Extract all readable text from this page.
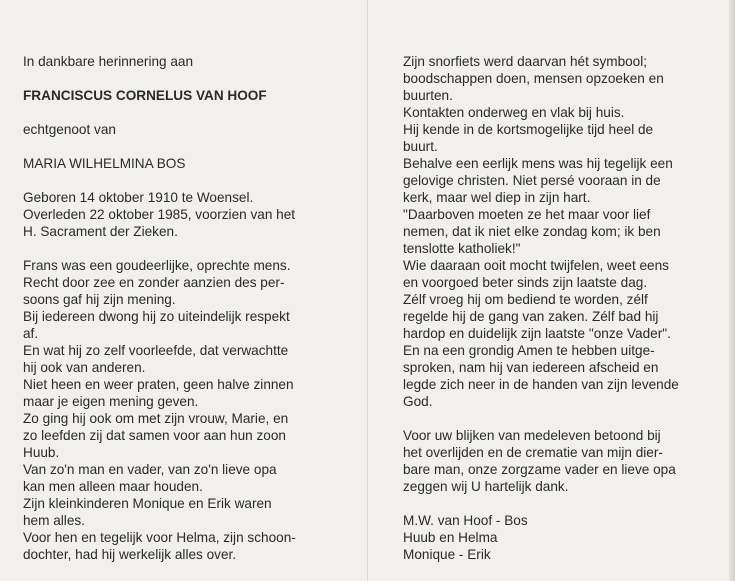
In dankbare herinnering aan
FRANCISCUS CORNELUS VAN HOOF
echtgenoot van
MARIA WILHELMINA BOS
Geboren 14 oktober 1910 te Woensel.
Overleden 22 oktober 1985, voorzien van het
H. Sacrament der Zieken.
Frans was een goudeerlijke, oprechte mens.
Recht door zee en zonder aanzien des per-
soons gaf hij zijn mening.
Bij iedereen dwong hij zo uiteindelijk respekt
af.
En wat hij zo zelf voorleefde, dat verwachtte
hij ook van anderen.
Niet heen en weer praten, geen halve zinnen
maar je eigen mening geven.
Zo ging hij ook om met zijn vrouw, Marie, en
zo leefden zij dat samen voor aan hun zoon
Huub.
Van zo'n man en vader, van zo'n lieve opa
kan men alleen maar houden.
Zijn kleinkinderen Monique en Erik waren
hem alles.
Voor hen en tegelijk voor Helma, zijn schoon-
dochter, had hij werkelijk alles over.
Zijn snorfiets werd daarvan hét symbool;
boodschappen doen, mensen opzoeken en
buurten.
Kontakten onderweg en vlak bij huis.
Hij kende in de kortsmogelijke tijd heel de
buurt.
Behalve een eerlijk mens was hij tegelijk een
gelovige christen. Niet persé vooraan in de
kerk, maar wel diep in zijn hart.
"Daarboven moeten ze het maar voor lief
nemen, dat ik niet elke zondag kom; ik ben
tenslotte katholiek!"
Wie daaraan ooit mocht twijfelen, weet eens
en voorgoed beter sinds zijn laatste dag.
Zélf vroeg hij om bediend te worden, zélf
regelde hij de gang van zaken. Zélf bad hij
hardop en duidelijk zijn laatste "onze Vader".
En na een grondig Amen te hebben uitge-
sproken, nam hij van iedereen afscheid en
legde zich neer in de handen van zijn levende
God.
Voor uw blijken van medeleven betoond bij
het overlijden en de crematie van mijn dier-
bare man, onze zorgzame vader en lieve opa
zeggen wij U hartelijk dank.
M.W. van Hoof - Bos
Huub en Helma
Monique - Erik
